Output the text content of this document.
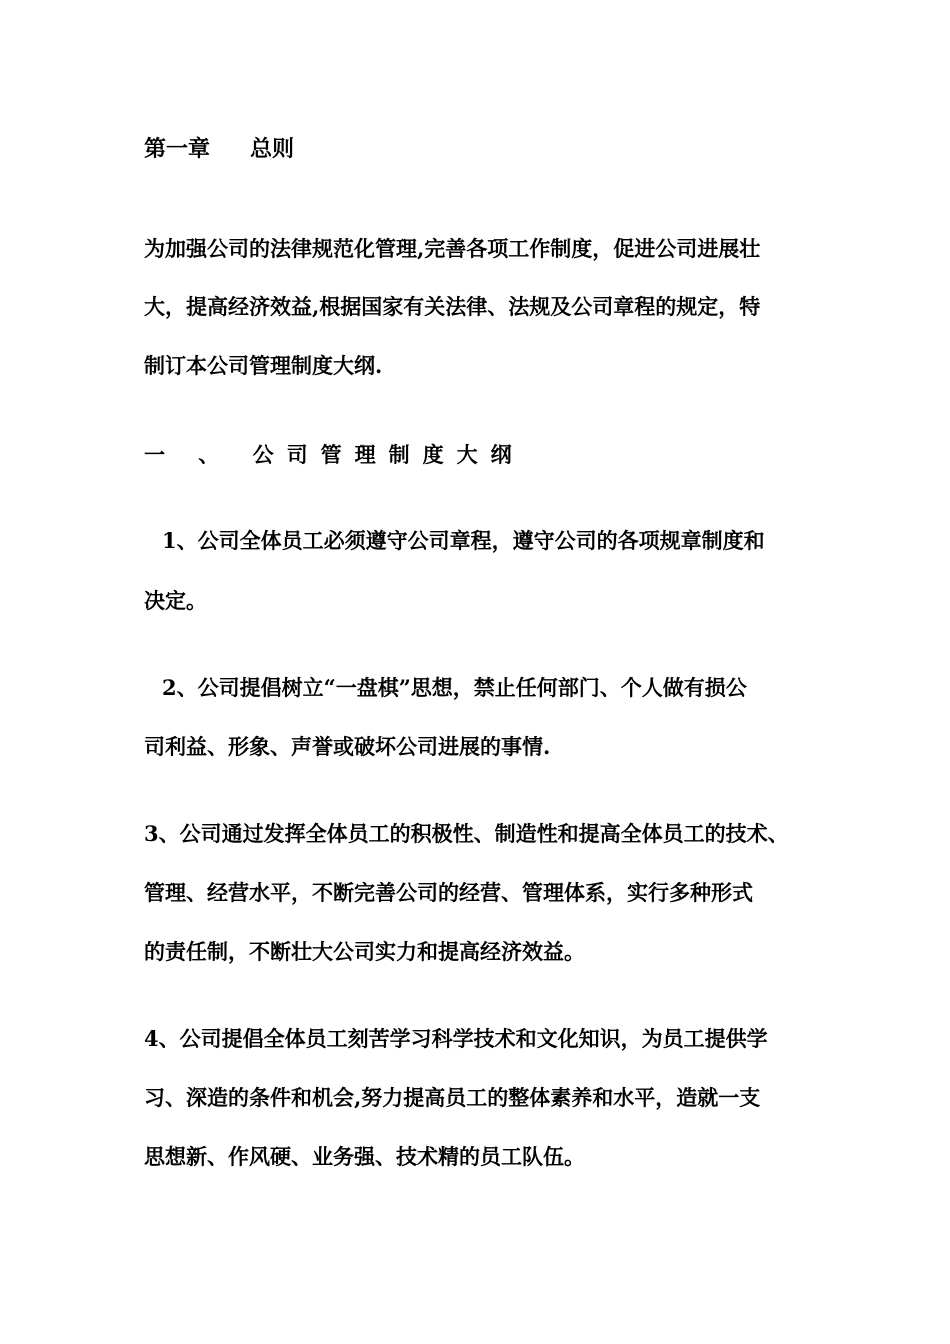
第一章 总则
为加强公司的法律规范化管理,完善各项工作制度，促进公司进展壮
大，提高经济效益,根据国家有关法律、法规及公司章程的规定，特
制订本公司管理制度大纲.
一 、 公司管理制度大纲
1、公司全体员工必须遵守公司章程，遵守公司的各项规章制度和
决定。
2、公司提倡树立“一盘棋”思想，禁止任何部门、个人做有损公
司利益、形象、声誉或破坏公司进展的事情.
3、公司通过发挥全体员工的积极性、制造性和提高全体员工的技术、
管理、经营水平，不断完善公司的经营、管理体系，实行多种形式
的责任制，不断壮大公司实力和提高经济效益。
4、公司提倡全体员工刻苦学习科学技术和文化知识，为员工提供学
习、深造的条件和机会,努力提高员工的整体素养和水平，造就一支
思想新、作风硬、业务强、技术精的员工队伍。
